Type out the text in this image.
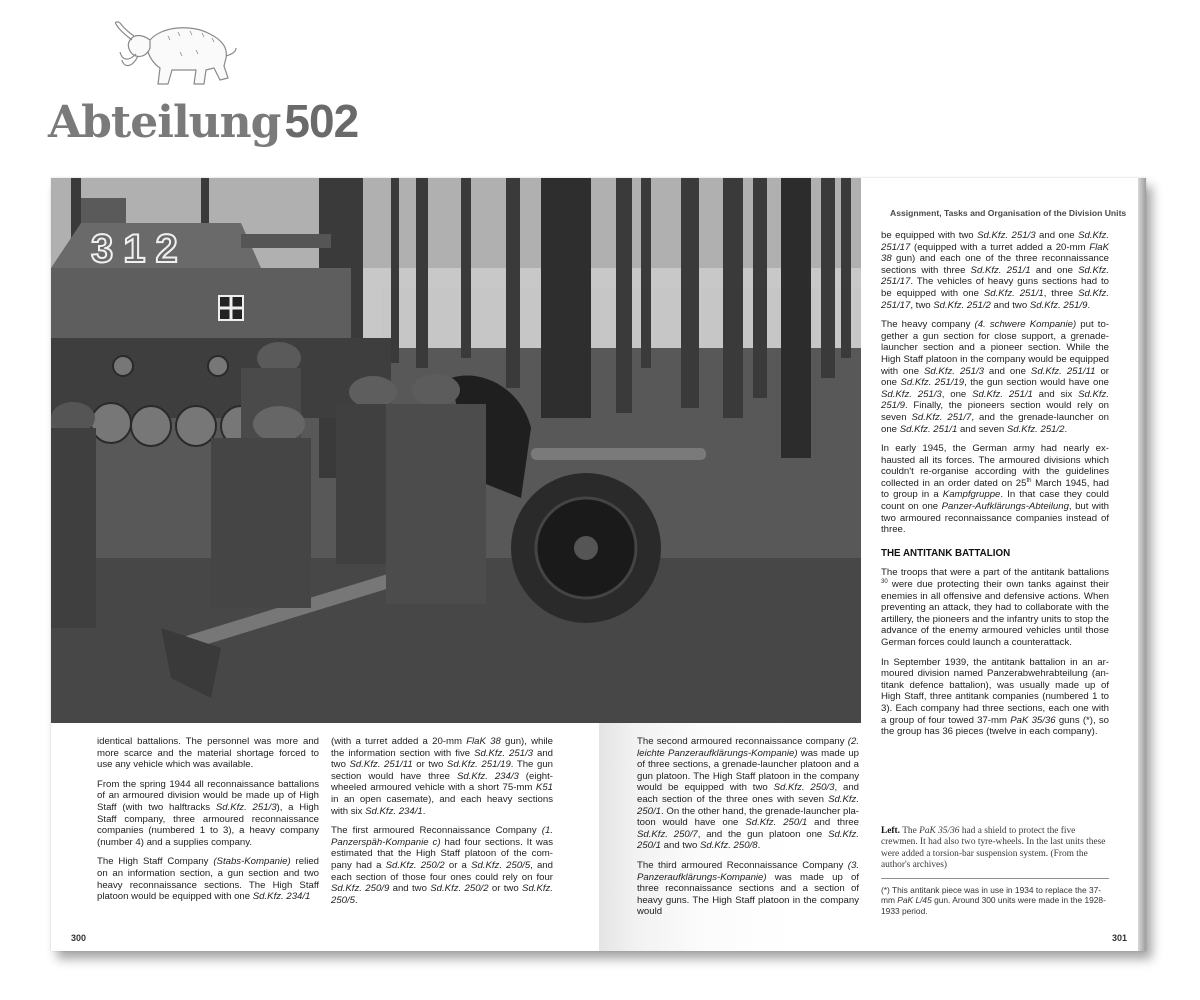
Abteilung502
312
Assignment, Tasks and Organisation of the Division Units

be equipped with two Sd.Kfz. 251/3 and one Sd.Kfz. 251/17 (equipped with a turret added a 20-mm FlaK 38 gun) and each one of the three reconnaissance sections with three Sd.Kfz. 251/1 and one Sd.Kfz. 251/17. The vehicles of heavy guns sections had to be equipped with one Sd.Kfz. 251/1, three Sd.Kfz. 251/17, two Sd.Kfz. 251/2 and two Sd.Kfz. 251/9.

The heavy company (4. schwere Kompanie) put together a gun section for close support, a grenade-launcher section and a pioneer section. While the High Staff platoon in the company would be equipped with one Sd.Kfz. 251/3 and one Sd.Kfz. 251/11 or one Sd.Kfz. 251/19, the gun section would have one Sd.Kfz. 251/3, one Sd.Kfz. 251/1 and six Sd.Kfz. 251/9. Finally, the pioneers section would rely on seven Sd.Kfz. 251/7, and the grenade-launcher on one Sd.Kfz. 251/1 and seven Sd.Kfz. 251/2.

In early 1945, the German army had nearly exhausted all its forces. The armoured divisions which couldn't re-organise according with the guidelines collected in an order dated on 25th March 1945, had to group in a Kampfgruppe. In that case they could count on one Panzer-Aufklärungs-Abteilung, but with two armoured reconnaissance companies instead of three.

THE ANTITANK BATTALION

The troops that were a part of the antitank battalions $^{30}$ were due protecting their own tanks against their enemies in all offensive and defensive actions. When preventing an attack, they had to collaborate with the artillery, the pioneers and the infantry units to stop the advance of the enemy armoured vehicles until those German forces could launch a counterattack.

In September 1939, the antitank battalion in an armoured division named Panzerabwehrabteilung (antitank defence battalion), was usually made up of High Staff, three antitank companies (numbered 1 to 3). Each company had three sections, each one with a group of four towed 37-mm PaK 35/36 guns (*), so the group has 36 pieces (twelve in each company).

Left. The PaK 35/36 had a shield to protect the five crewmen. It had also two tyre-wheels. In the last units these were added a torsion-bar suspension system. (From the author's archives)
(*) This antitank piece was in use in 1934 to replace the 37-mm PaK L/45 gun. Around 300 units were made in the 1928-1933 period.

identical battalions. The personnel was more and more scarce and the material shortage forced to use any vehicle which was available.

From the spring 1944 all reconnaissance battalions of an armoured division would be made up of High Staff (with two halftracks Sd.Kfz. 251/3), a High Staff company, three armoured reconnaissance companies (numbered 1 to 3), a heavy company (number 4) and a supplies company.

The High Staff Company (Stabs-Kompanie) relied on an information section, a gun section and two heavy reconnaissance sections. The High Staff platoon would be equipped with one Sd.Kfz. 234/1

(with a turret added a 20-mm FlaK 38 gun), while the information section with five Sd.Kfz. 251/3 and two Sd.Kfz. 251/11 or two Sd.Kfz. 251/19. The gun section would have three Sd.Kfz. 234/3 (eight-wheeled armoured vehicle with a short 75-mm K51 in an open casemate), and each heavy sections with six Sd.Kfz. 234/1.

The first armoured Reconnaissance Company (1. Panzerspäh-Kompanie c) had four sections. It was estimated that the High Staff platoon of the company had a Sd.Kfz. 250/2 or a Sd.Kfz. 250/5, and each section of those four ones could rely on four Sd.Kfz. 250/9 and two Sd.Kfz. 250/2 or two Sd.Kfz. 250/5.

The second armoured reconnaissance company (2. leichte Panzeraufklärungs-Kompanie) was made up of three sections, a grenade-launcher platoon and a gun platoon. The High Staff platoon in the company would be equipped with two Sd.Kfz. 250/3, and each section of the three ones with seven Sd.Kfz. 250/1. On the other hand, the grenade-launcher platoon would have one Sd.Kfz. 250/1 and three Sd.Kfz. 250/7, and the gun platoon one Sd.Kfz. 250/1 and two Sd.Kfz. 250/8.

The third armoured Reconnaissance Company (3. Panzeraufklärungs-Kompanie) was made up of three reconnaissance sections and a section of heavy guns. The High Staff platoon in the company would

300	301
